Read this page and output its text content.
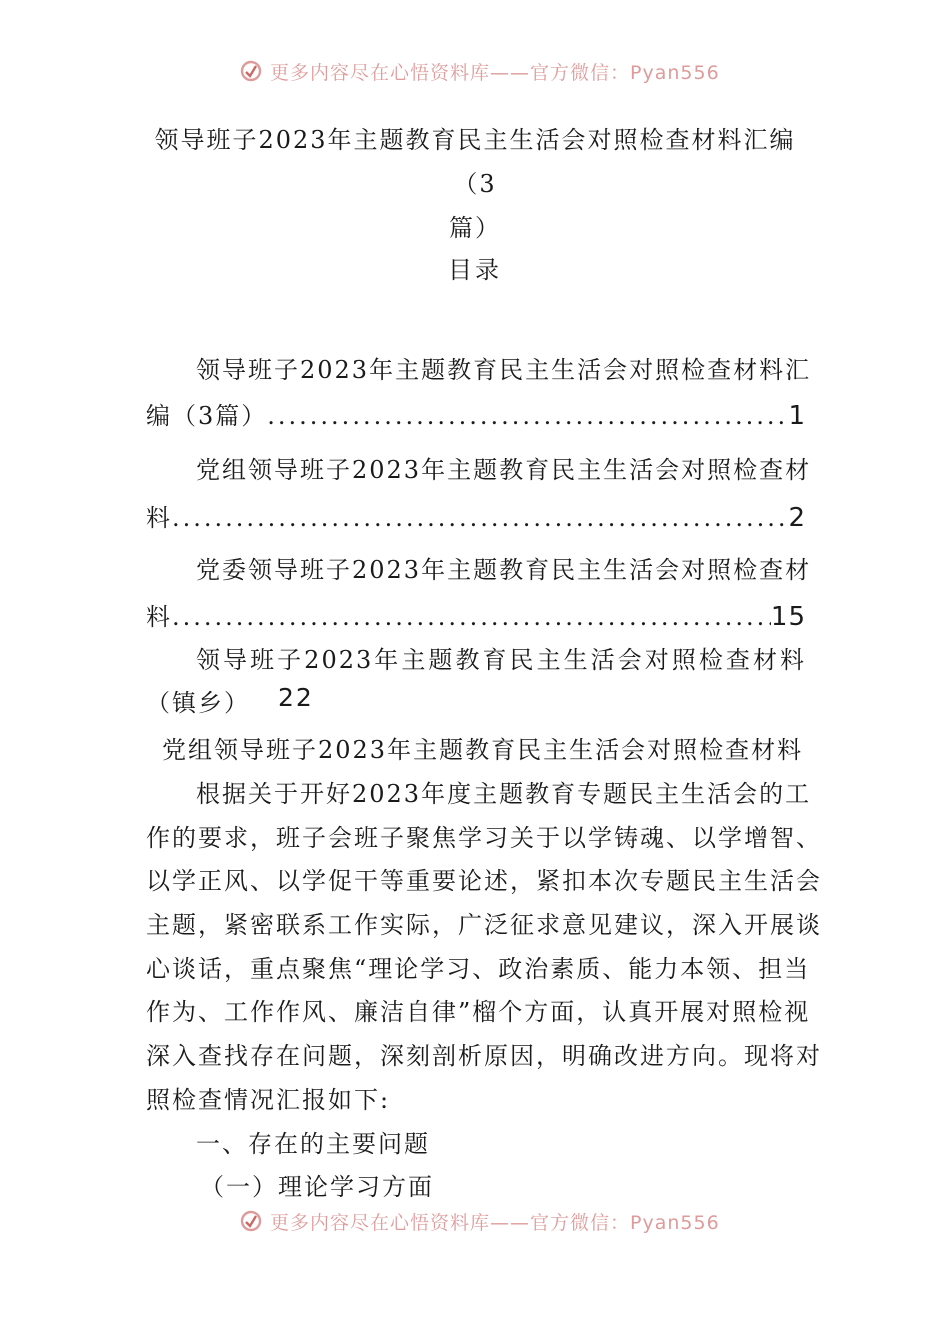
更多内容尽在心悟资料库——官方微信：Pyan556
领导班子2023年主题教育民主生活会对照检查材料汇编（3
篇）
目录
领导班子2023年主题教育民主生活会对照检查材料汇
编（3篇） .....	1
党组领导班子2023年主题教育民主生活会对照检查材
料 .....	2
党委领导班子2023年主题教育民主生活会对照检查材
料 .....	15
领导班子2023年主题教育民主生活会对照检查材料
（镇乡） 22
党组领导班子2023年主题教育民主生活会对照检查材料
根据关于开好2023年度主题教育专题民主生活会的工
作的要求，班子会班子聚焦学习关于以学铸魂、以学增智、
以学正风、以学促干等重要论述，紧扣本次专题民主生活会
主题，紧密联系工作实际，广泛征求意见建议，深入开展谈
心谈话，重点聚焦“理论学习、政治素质、能力本领、担当
作为、工作作风、廉洁自律”榴个方面，认真开展对照检视
深入查找存在问题，深刻剖析原因，明确改进方向。现将对
照检查情况汇报如下:
一、存在的主要问题
（一）理论学习方面
更多内容尽在心悟资料库——官方微信：Pyan556
